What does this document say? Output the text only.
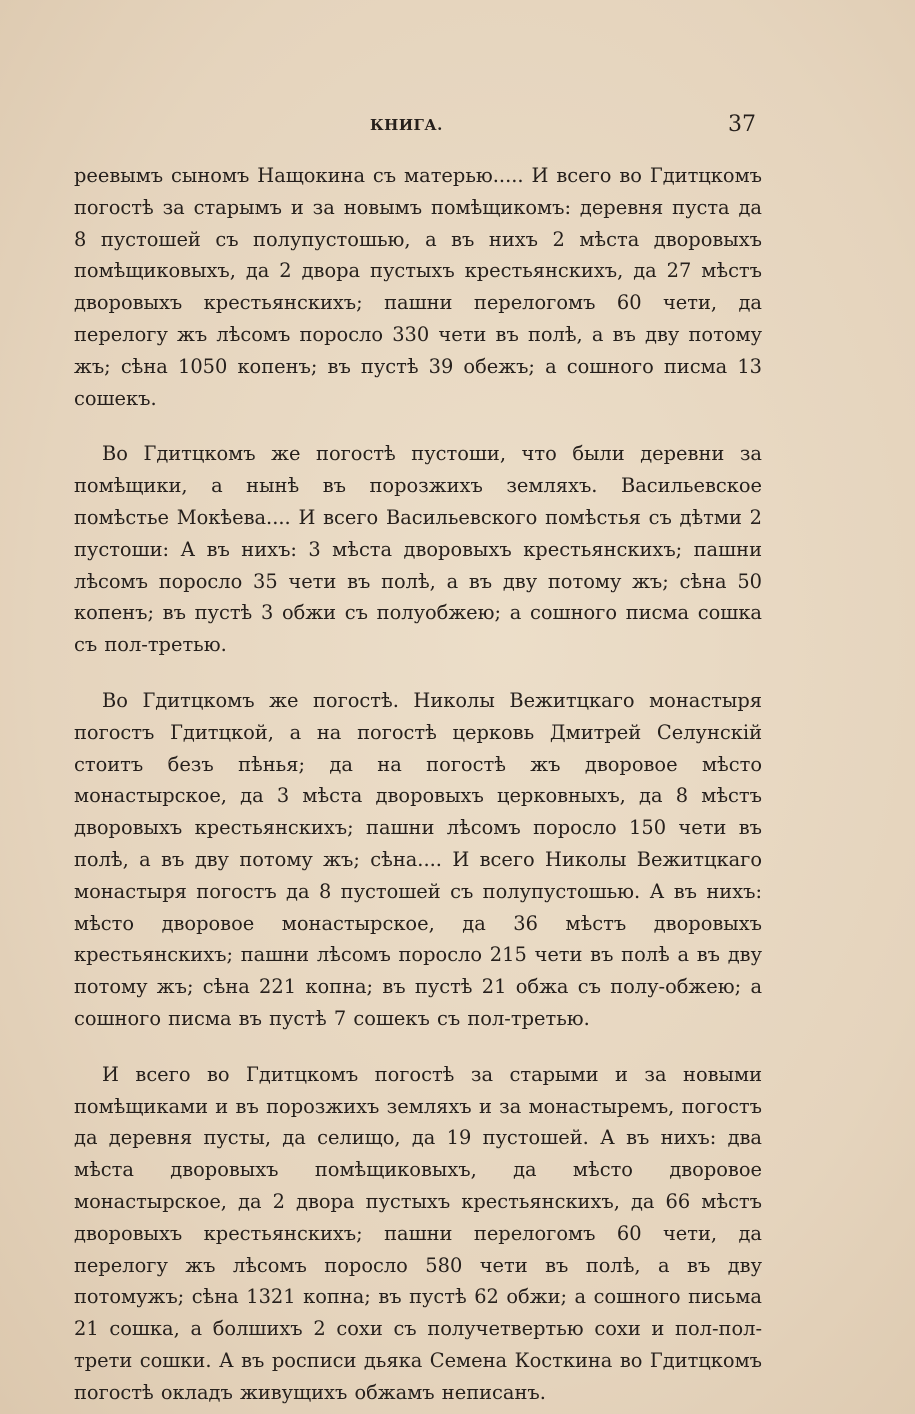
КНИГА.	37

реевымъ сыномъ Нащокина съ матерью..... И всего во Гдитцкомъ погостѣ за старымъ и за новымъ помѣщикомъ: деревня пуста да 8 пустошей съ полупустошью, а въ нихъ 2 мѣста дворовыхъ помѣщиковыхъ, да 2 двора пустыхъ крестьянскихъ, да 27 мѣстъ дворовыхъ крестьянскихъ; пашни перелогомъ 60 чети, да перелогу жъ лѣсомъ поросло 330 чети въ полѣ, а въ дву потому жъ; сѣна 1050 копенъ; въ пустѣ 39 обежъ; а сошного писма 13 сошекъ.

Во Гдитцкомъ же погостѣ пустоши, что были деревни за помѣщики, а нынѣ въ порозжихъ земляхъ. Васильевское помѣстье Мокѣева.... И всего Васильевского помѣстья съ дѣтми 2 пустоши: А въ нихъ: 3 мѣста дворовыхъ крестьянскихъ; пашни лѣсомъ поросло 35 чети въ полѣ, а въ дву потому жъ; сѣна 50 копенъ; въ пустѣ 3 обжи съ полуобжею; а сошного писма сошка съ пол-третью.

Во Гдитцкомъ же погостѣ. Николы Вежитцкаго монастыря погостъ Гдитцкой, а на погостѣ церковь Дмитрей Селунскій стоитъ безъ пѣнья; да на погостѣ жъ дворовое мѣсто монастырское, да 3 мѣста дворовыхъ церковныхъ, да 8 мѣстъ дворовыхъ крестьянскихъ; пашни лѣсомъ поросло 150 чети въ полѣ, а въ дву потому жъ; сѣна.... И всего Николы Вежитцкаго монастыря погостъ да 8 пустошей съ полупустошью. А въ нихъ: мѣсто дворовое монастырское, да 36 мѣстъ дворовыхъ крестьянскихъ; пашни лѣсомъ поросло 215 чети въ полѣ а въ дву потому жъ; сѣна 221 копна; въ пустѣ 21 обжа съ полу-обжею; а сошного писма въ пустѣ 7 сошекъ съ пол-третью.

И всего во Гдитцкомъ погостѣ за старыми и за новыми помѣщиками и въ порозжихъ земляхъ и за монастыремъ, погостъ да деревня пусты, да селищо, да 19 пустошей. А въ нихъ: два мѣста дворовыхъ помѣщиковыхъ, да мѣсто дворовое монастырское, да 2 двора пустыхъ крестьянскихъ, да 66 мѣстъ дворовыхъ крестьянскихъ; пашни перелогомъ 60 чети, да перелогу жъ лѣсомъ поросло 580 чети въ полѣ, а въ дву потомужъ; сѣна 1321 копна; въ пустѣ 62 обжи; а сошного письма 21 сошка, а болшихъ 2 сохи съ получетвертью сохи и пол-пол-трети сошки. А въ росписи дьяка Семена Косткина во Гдитцкомъ погостѣ окладъ живущихъ обжамъ неписанъ.
